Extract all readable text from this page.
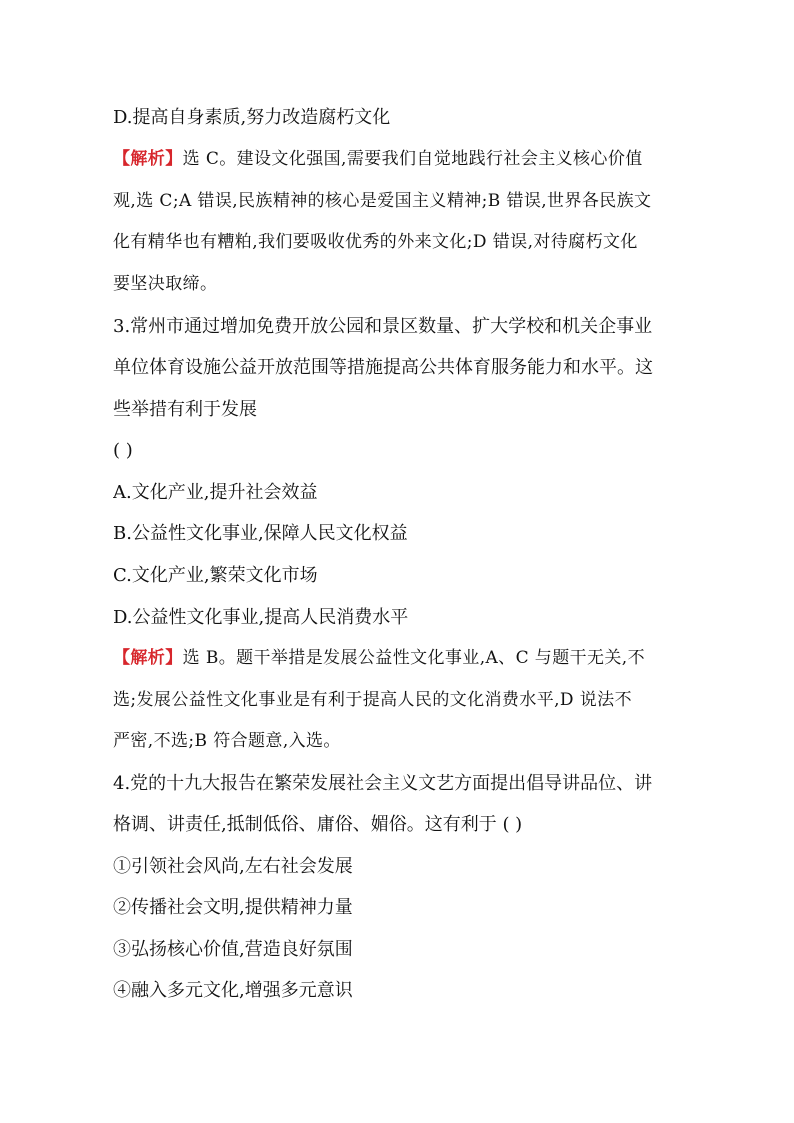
D.提高自身素质,努力改造腐朽文化
【解析】选 C。建设文化强国,需要我们自觉地践行社会主义核心价值
观,选 C;A 错误,民族精神的核心是爱国主义精神;B 错误,世界各民族文
化有精华也有糟粕,我们要吸收优秀的外来文化;D 错误,对待腐朽文化
要坚决取缔。
3.常州市通过增加免费开放公园和景区数量、扩大学校和机关企事业
单位体育设施公益开放范围等措施提高公共体育服务能力和水平。这
些举措有利于发展
( )
A.文化产业,提升社会效益
B.公益性文化事业,保障人民文化权益
C.文化产业,繁荣文化市场
D.公益性文化事业,提高人民消费水平
【解析】选 B。题干举措是发展公益性文化事业,A、C 与题干无关,不
选;发展公益性文化事业是有利于提高人民的文化消费水平,D 说法不
严密,不选;B 符合题意,入选。
4.党的十九大报告在繁荣发展社会主义文艺方面提出倡导讲品位、讲
格调、讲责任,抵制低俗、庸俗、媚俗。这有利于 ( )
①引领社会风尚,左右社会发展
②传播社会文明,提供精神力量
③弘扬核心价值,营造良好氛围
④融入多元文化,增强多元意识
